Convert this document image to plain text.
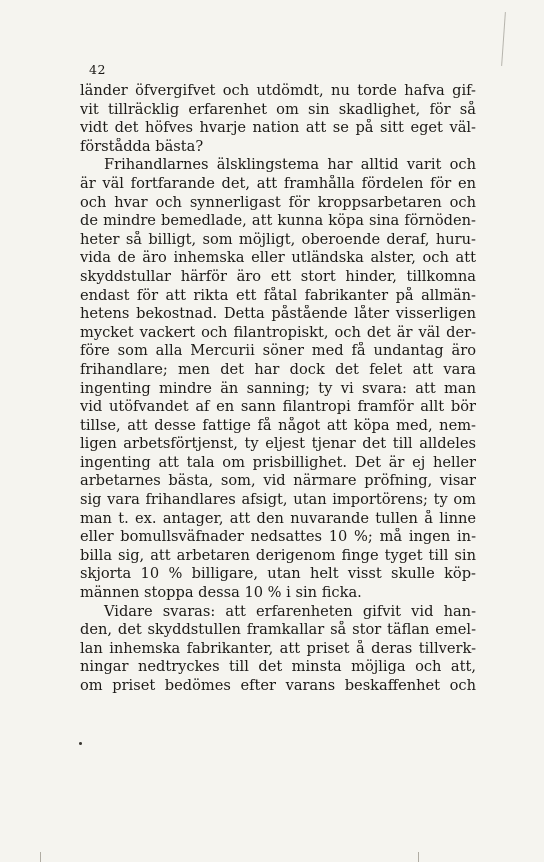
42
länder öfvergifvet och utdömdt, nu torde hafva gif-
vit tillräcklig erfarenhet om sin skadlighet, för så
vidt det höfves hvarje nation att se på sitt eget väl-
förstådda bästa?
Frihandlarnes älsklingstema har alltid varit och
är väl fortfarande det, att framhålla fördelen för en
och hvar och synnerligast för kroppsarbetaren och
de mindre bemedlade, att kunna köpa sina förnöden-
heter så billigt, som möjligt, oberoende deraf, huru-
vida de äro inhemska eller utländska alster, och att
skyddstullar härför äro ett stort hinder, tillkomna
endast för att rikta ett fåtal fabrikanter på allmän-
hetens bekostnad. Detta påstående låter visserligen
mycket vackert och filantropiskt, och det är väl der-
före som alla Mercurii söner med få undantag äro
frihandlare; men det har dock det felet att vara
ingenting mindre än sanning; ty vi svara: att man
vid utöfvandet af en sann filantropi framför allt bör
tillse, att desse fattige få något att köpa med, nem-
ligen arbetsförtjenst, ty eljest tjenar det till alldeles
ingenting att tala om prisbillighet. Det är ej heller
arbetarnes bästa, som, vid närmare pröfning, visar
sig vara frihandlares afsigt, utan importörens; ty om
man t. ex. antager, att den nuvarande tullen å linne
eller bomullsväfnader nedsattes 10 %; må ingen in-
billa sig, att arbetaren derigenom finge tyget till sin
skjorta 10 % billigare, utan helt visst skulle köp-
männen stoppa dessa 10 % i sin ficka.
Vidare svaras: att erfarenheten gifvit vid han-
den, det skyddstullen framkallar så stor täflan emel-
lan inhemska fabrikanter, att priset å deras tillverk-
ningar nedtryckes till det minsta möjliga och att,
om priset bedömes efter varans beskaffenhet och
